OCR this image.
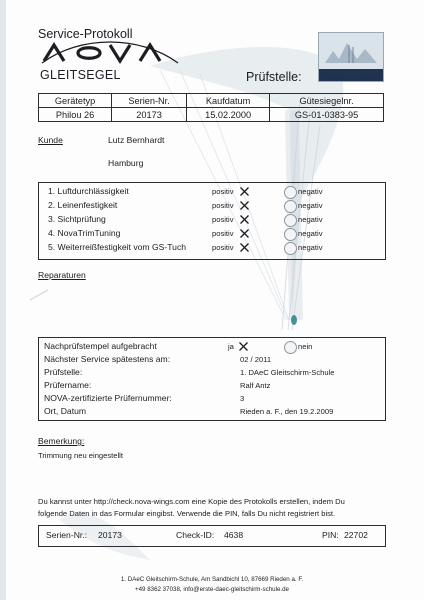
Service-Protokoll
GLEITSEGEL	Prüfstelle:	1. DAeC Gleitschirm-Schule
Gerätetyp	Serien-Nr.	Kaufdatum	Gütesiegelnr.
Philou 26	20173	15.02.2000	GS-01-0383-95
Kunde	Lutz Bernhardt
Hamburg
1. Luftdurchlässigkeit	positiv	negativ
2. Leinenfestigkeit	positiv	negativ
3. Sichtprüfung	positiv	negativ
4. NovaTrimTuning	positiv	negativ
5. Weiterreißfestigkeit vom GS-Tuch	positiv	negativ
Reparaturen
Nachprüfstempel aufgebracht	ja	nein
Nächster Service spätestens am:	02 / 2011
Prüfstelle:	1. DAeC Gleitschirm-Schule
Prüfername:	Ralf Antz
NOVA-zertifizierte Prüfernummer:	3
Ort, Datum	Rieden a. F., den 19.2.2009
Bemerkung:
Trimmung neu eingestellt
Du kannst unter http://check.nova-wings.com eine Kopie des Protokolls erstellen, indem Du
folgende Daten in das Formular eingibst. Verwende die PIN, falls Du nicht registriert bist.
Serien-Nr.: 20173	Check-ID: 4638	PIN: 22702
1. DAeC Gleitschirm-Schule, Am Sandbichl 10, 87669 Rieden a. F.
+49 8362 37038, info@erste-daec-gleitschirm-schule.de
